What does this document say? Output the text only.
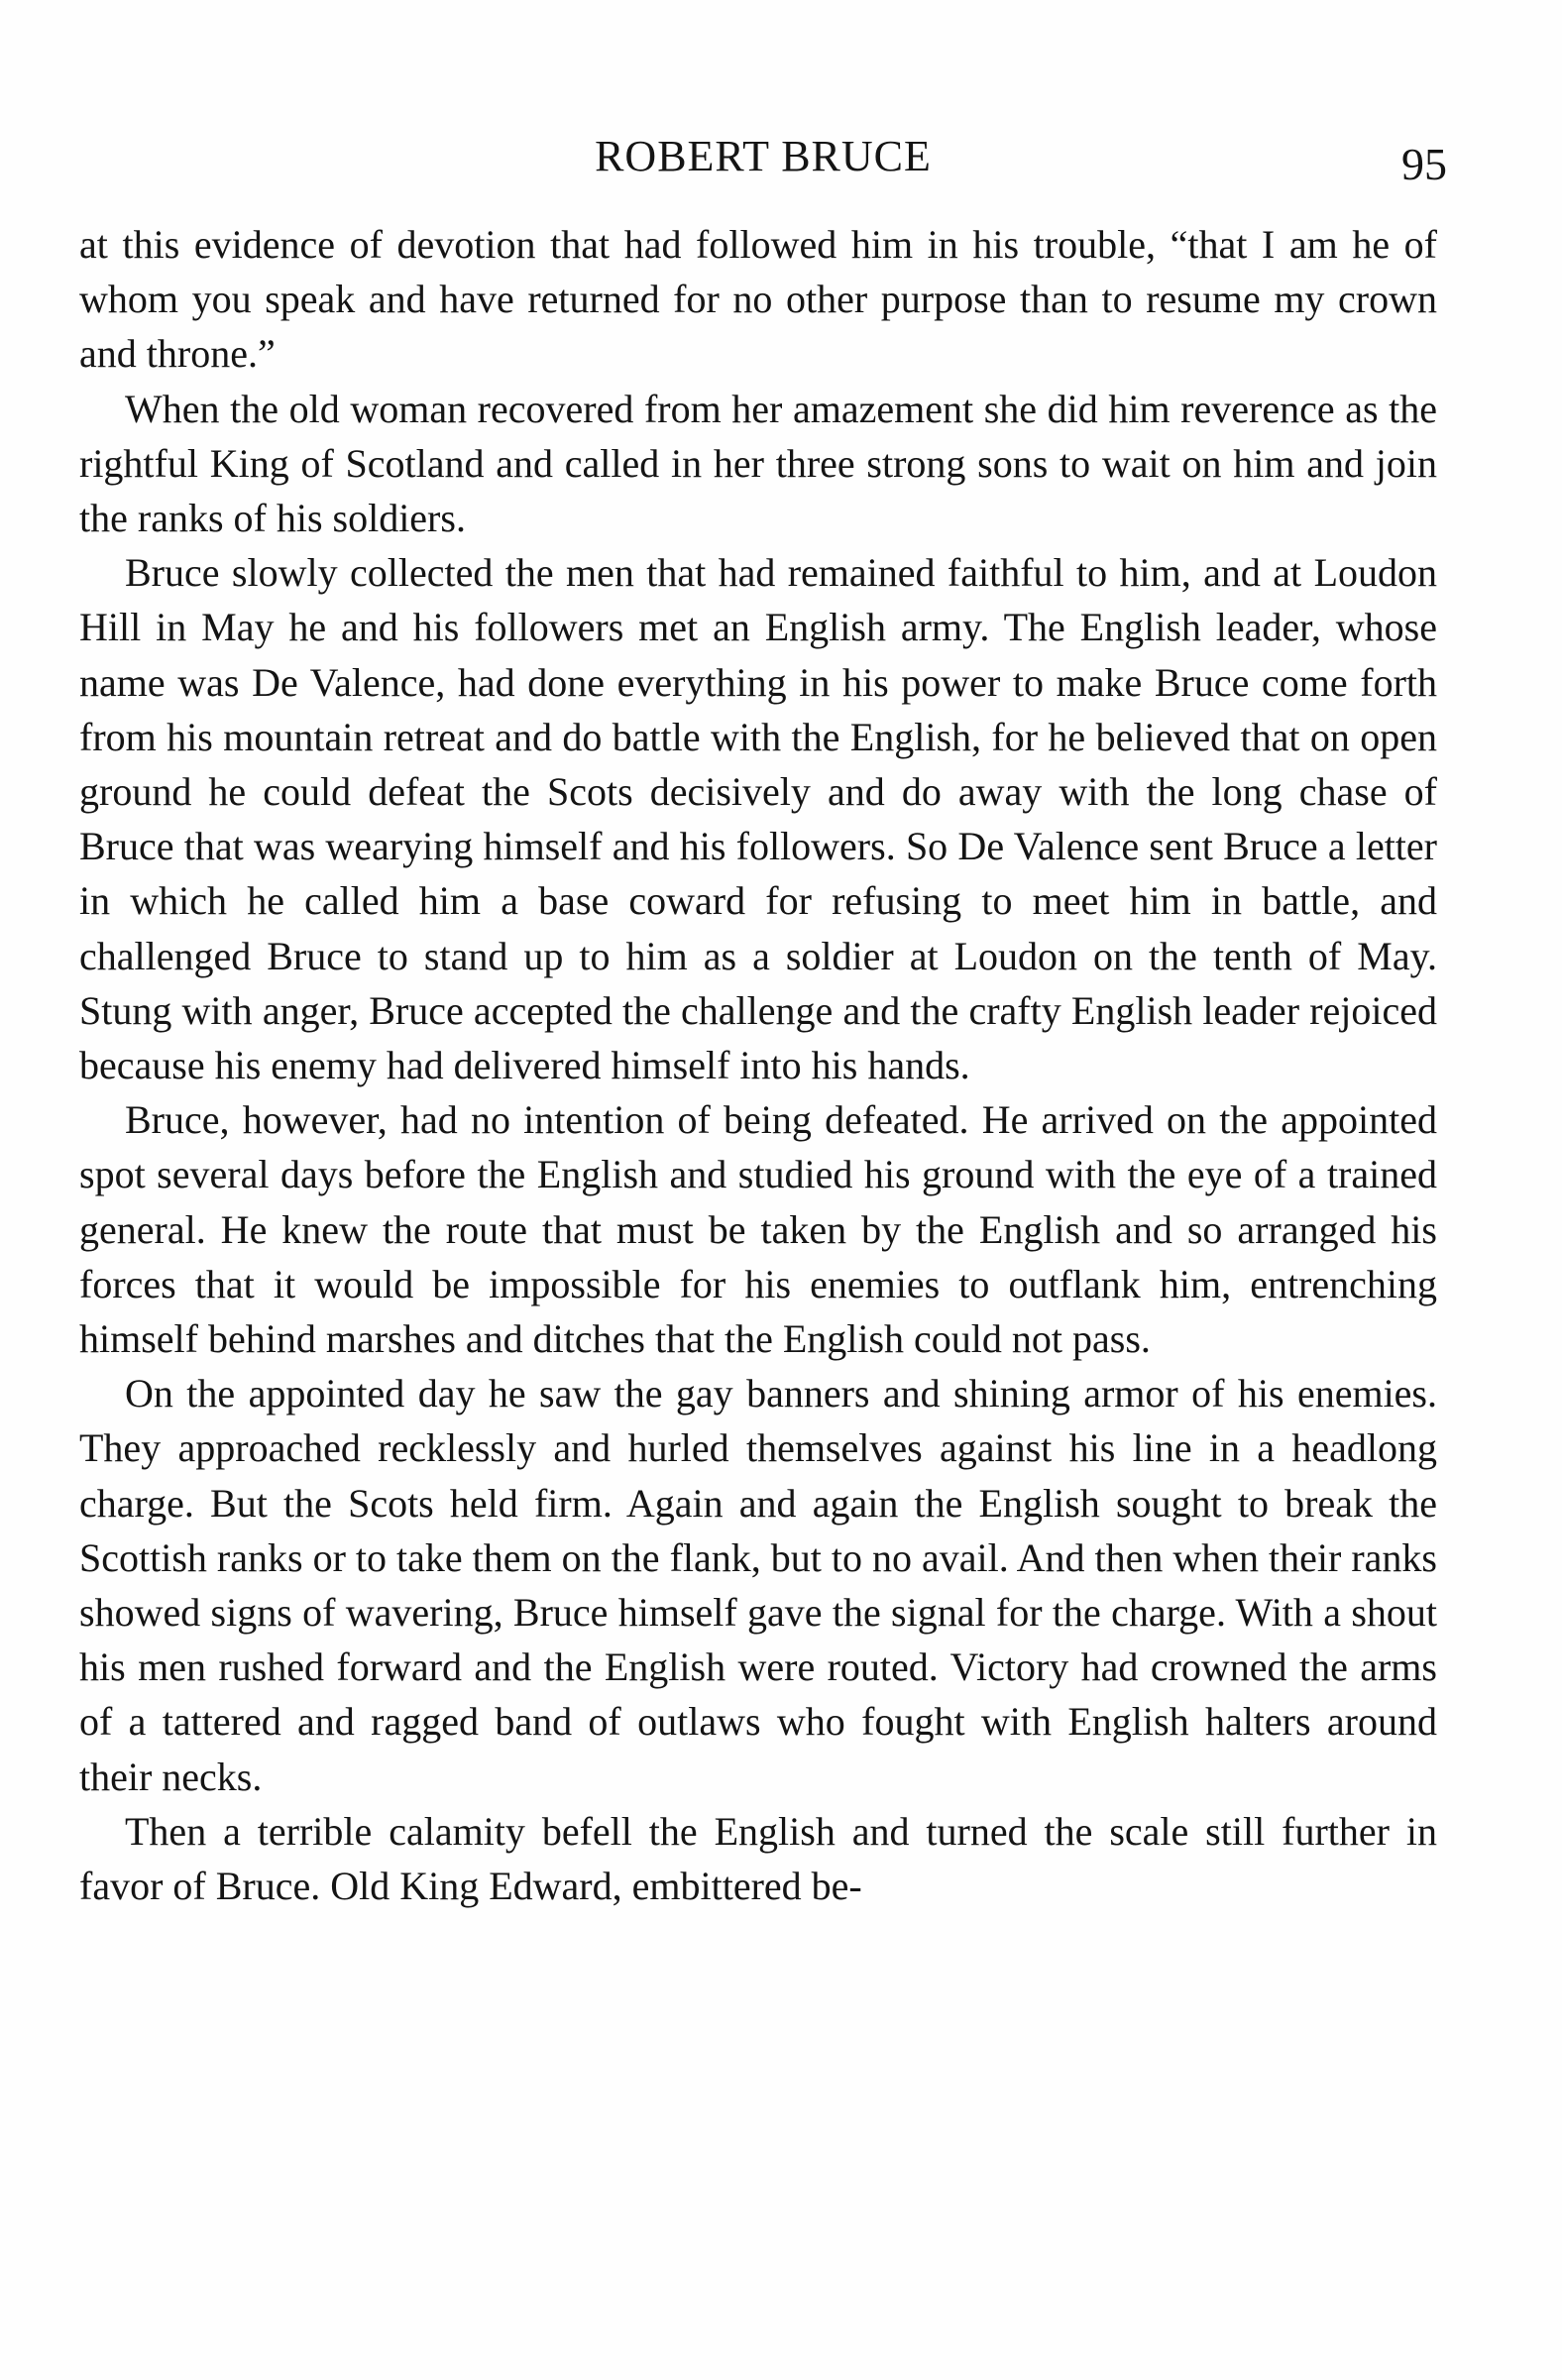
ROBERT BRUCE	95

at this evidence of devotion that had followed him in his trouble, “that I am he of whom you speak and have returned for no other purpose than to resume my crown and throne.”

When the old woman recovered from her amazement she did him reverence as the rightful King of Scotland and called in her three strong sons to wait on him and join the ranks of his soldiers.

Bruce slowly collected the men that had remained faithful to him, and at Loudon Hill in May he and his followers met an English army. The English leader, whose name was De Valence, had done everything in his power to make Bruce come forth from his mountain retreat and do battle with the English, for he believed that on open ground he could defeat the Scots decisively and do away with the long chase of Bruce that was wearying himself and his followers. So De Valence sent Bruce a letter in which he called him a base coward for refusing to meet him in battle, and challenged Bruce to stand up to him as a soldier at Loudon on the tenth of May. Stung with anger, Bruce accepted the challenge and the crafty English leader rejoiced because his enemy had delivered himself into his hands.

Bruce, however, had no intention of being defeated. He arrived on the appointed spot several days before the English and studied his ground with the eye of a trained general. He knew the route that must be taken by the English and so arranged his forces that it would be impossible for his enemies to outflank him, entrenching himself behind marshes and ditches that the English could not pass.

On the appointed day he saw the gay banners and shining armor of his enemies. They approached recklessly and hurled themselves against his line in a headlong charge. But the Scots held firm. Again and again the English sought to break the Scottish ranks or to take them on the flank, but to no avail. And then when their ranks showed signs of wavering, Bruce himself gave the signal for the charge. With a shout his men rushed forward and the English were routed. Victory had crowned the arms of a tattered and ragged band of outlaws who fought with English halters around their necks.

Then a terrible calamity befell the English and turned the scale still further in favor of Bruce. Old King Edward, embittered be-
